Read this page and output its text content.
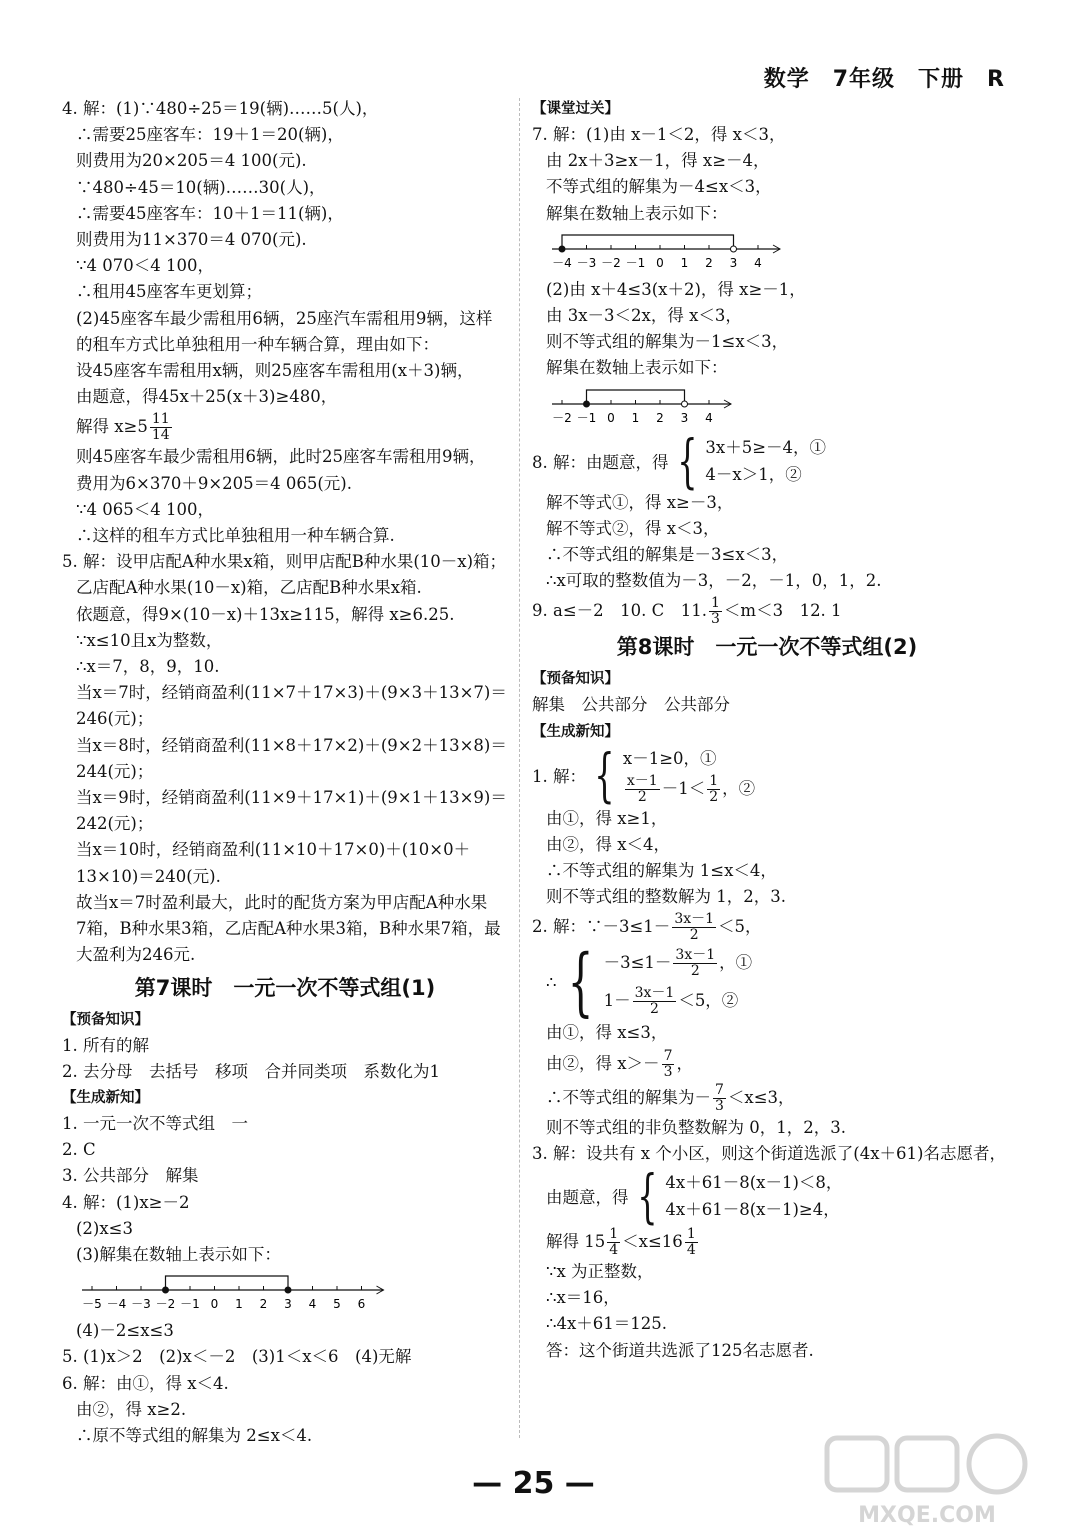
数学　7年级　下册　R
4. 解：(1)∵480÷25＝19(辆)……5(人)，
∴需要25座客车：19＋1＝20(辆)，
则费用为20×205＝4 100(元).
∵480÷45＝10(辆)……30(人)，
∴需要45座客车：10＋1＝11(辆)，
则费用为11×370＝4 070(元).
∵4 070＜4 100，
∴租用45座客车更划算；
(2)45座客车最少需租用6辆，25座汽车需租用9辆，这样
的租车方式比单独租用一种车辆合算，理由如下：
设45座客车需租用x辆，则25座客车需租用(x＋3)辆，
由题意，得45x＋25(x＋3)≥480，
解得 $x\ge 5 \frac{11}{14}$
则45座客车最少需租用6辆，此时25座客车需租用9辆，
费用为6×370＋9×205＝4 065(元).
∵4 065＜4 100，
∴这样的租车方式比单独租用一种车辆合算.
5. 解：设甲店配A种水果x箱，则甲店配B种水果(10－x)箱；
乙店配A种水果(10－x)箱，乙店配B种水果x箱.
依题意，得9×(10－x)＋13x≥115，解得 x≥6.25.
∵x≤10且x为整数，
∴x＝7，8，9，10.
当x＝7时，经销商盈利(11×7＋17×3)＋(9×3＋13×7)＝
246(元)；
当x＝8时，经销商盈利(11×8＋17×2)＋(9×2＋13×8)＝
244(元)；
当x＝9时，经销商盈利(11×9＋17×1)＋(9×1＋13×9)＝
242(元)；
当x＝10时，经销商盈利(11×10＋17×0)＋(10×0＋
13×10)＝240(元).
故当x＝7时盈利最大，此时的配货方案为甲店配A种水果
7箱，B种水果3箱，乙店配A种水果3箱，B种水果7箱，最
大盈利为246元.
第7课时　一元一次不等式组(1)
【预备知识】
1. 所有的解
2. 去分母　去括号　移项　合并同类项　系数化为1
【生成新知】
1. 一元一次不等式组　一
2. C
3. 公共部分　解集
4. 解：(1)x≥－2
(2)x≤3
(3)解集在数轴上表示如下：
－5 －4 －3 －2 －1 0 1 2 3 4 5 6
(4)－2≤x≤3
5. (1)x＞2　(2)x＜－2　(3)1＜x＜6　(4)无解
6. 解：由①，得 x＜4.
由②，得 x≥2.
∴原不等式组的解集为 2≤x＜4.
【课堂过关】
7. 解：(1)由 x－1＜2，得 x＜3，
由 2x＋3≥x－1，得 x≥－4，
不等式组的解集为－4≤x＜3，
解集在数轴上表示如下：
－4 －3 －2 －1 0 1 2 3 4
(2)由 x＋4≤3(x＋2)，得 x≥－1，
由 3x－3＜2x，得 x＜3，
则不等式组的解集为－1≤x＜3，
解集在数轴上表示如下：
－2 －1 0 1 2 3 4
8. 解：由题意，得 { 3x＋5≥－4，①
4－x＞1，②
解不等式①，得 x≥－3，
解不等式②，得 x＜3，
∴不等式组的解集是－3≤x＜3，
∴x可取的整数值为－3，－2，－1，0，1，2.
9. a≤－2　10. C　11. $\frac{1}{3} <m<3$　12. 1
第8课时　一元一次不等式组(2)
【预备知识】
解集　公共部分　公共部分
【生成新知】
1. 解： { x－1≥0，①
$\frac{x-1}{2} -1< \frac{1}{2}$ ，②
由①，得 x≥1，
由②，得 x＜4，
∴不等式组的解集为 1≤x＜4，
则不等式组的整数解为 1，2，3.
2. 解：∵－3≤1－ $\frac{3x-1}{2} <5$，
∴ { $-3\le 1- \frac{3x-1}{2}$ ，①
$1- \frac{3x-1}{2} <5$，②
由①，得 x≤3，
由②，得 $x>- \frac{7}{3}$ ，
∴不等式组的解集为－ $\frac{7}{3} <x\le 3$，
则不等式组的非负整数解为 0，1，2，3.
3. 解：设共有 x 个小区，则这个街道选派了(4x＋61)名志愿者，
由题意，得 { 4x＋61－8(x－1)＜8，
4x＋61－8(x－1)≥4，
解得 $15 \frac{1}{4} <x\le 16 \frac{1}{4}$
∵x 为正整数，
∴x＝16，
∴4x＋61＝125.
答：这个街道共选派了125名志愿者.
— 25 —
MXQE.COM
